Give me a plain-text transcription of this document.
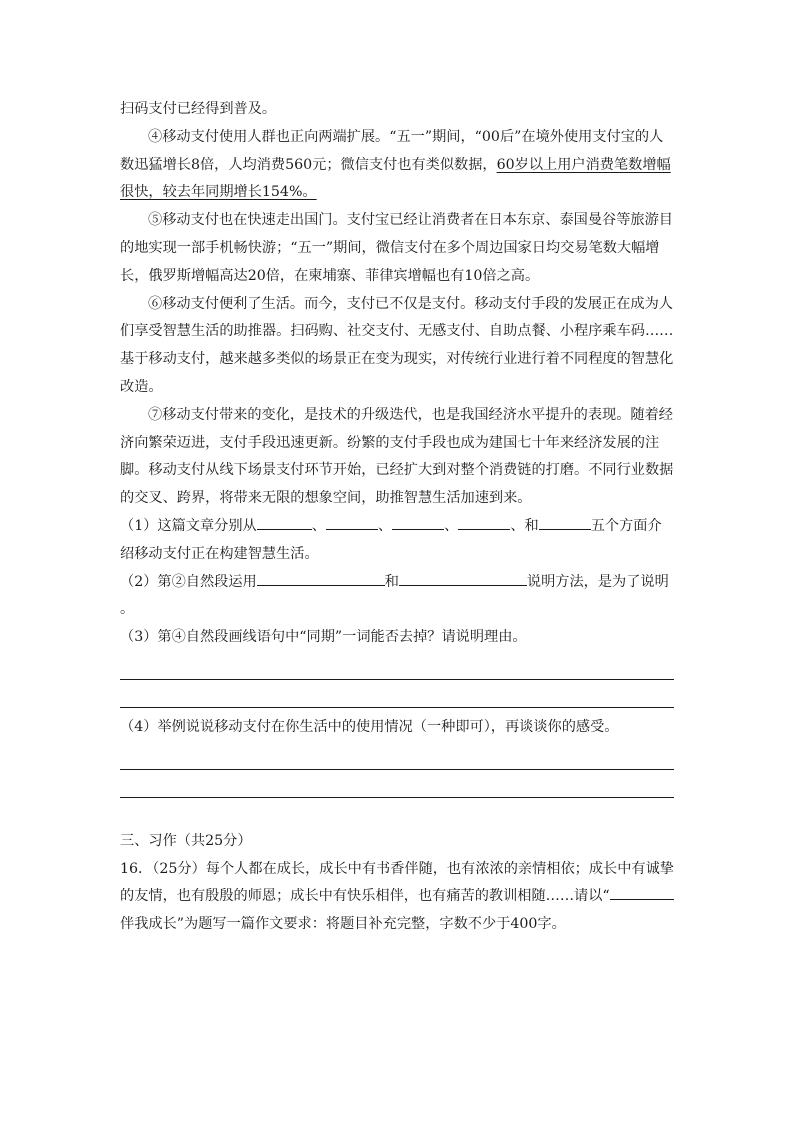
扫码支付已经得到普及。

④移动支付使用人群也正向两端扩展。“五一”期间，“00后”在境外使用支付宝的人数迅猛增长8倍，人均消费560元；微信支付也有类似数据，60岁以上用户消费笔数增幅很快，较去年同期增长154%。

⑤移动支付也在快速走出国门。支付宝已经让消费者在日本东京、泰国曼谷等旅游目的地实现一部手机畅快游；“五一”期间，微信支付在多个周边国家日均交易笔数大幅增长，俄罗斯增幅高达20倍，在柬埔寨、菲律宾增幅也有10倍之高。

⑥移动支付便利了生活。而今，支付已不仅是支付。移动支付手段的发展正在成为人们享受智慧生活的助推器。扫码购、社交支付、无感支付、自助点餐、小程序乘车码……基于移动支付，越来越多类似的场景正在变为现实，对传统行业进行着不同程度的智慧化改造。

⑦移动支付带来的变化，是技术的升级迭代，也是我国经济水平提升的表现。随着经济向繁荣迈进，支付手段迅速更新。纷繁的支付手段也成为建国七十年来经济发展的注脚。移动支付从线下场景支付环节开始，已经扩大到对整个消费链的打磨。不同行业数据的交叉、跨界，将带来无限的想象空间，助推智慧生活加速到来。

（1）这篇文章分别从	、	、	、	、和	五个方面介绍移动支付正在构建智慧生活。

（2）第②自然段运用	和	说明方法，是为了说明
。

（3）第④自然段画线语句中“同期”一词能否去掉？请说明理由。

（4）举例说说移动支付在你生活中的使用情况（一种即可），再谈谈你的感受。

三、习作（共25分）

16．（25分）每个人都在成长，成长中有书香伴随，也有浓浓的亲情相依；成长中有诚挚的友情，也有殷殷的师恩；成长中有快乐相伴，也有痛苦的教训相随……请以“伴我成长”为题写一篇作文要求：将题目补充完整，字数不少于400字。
